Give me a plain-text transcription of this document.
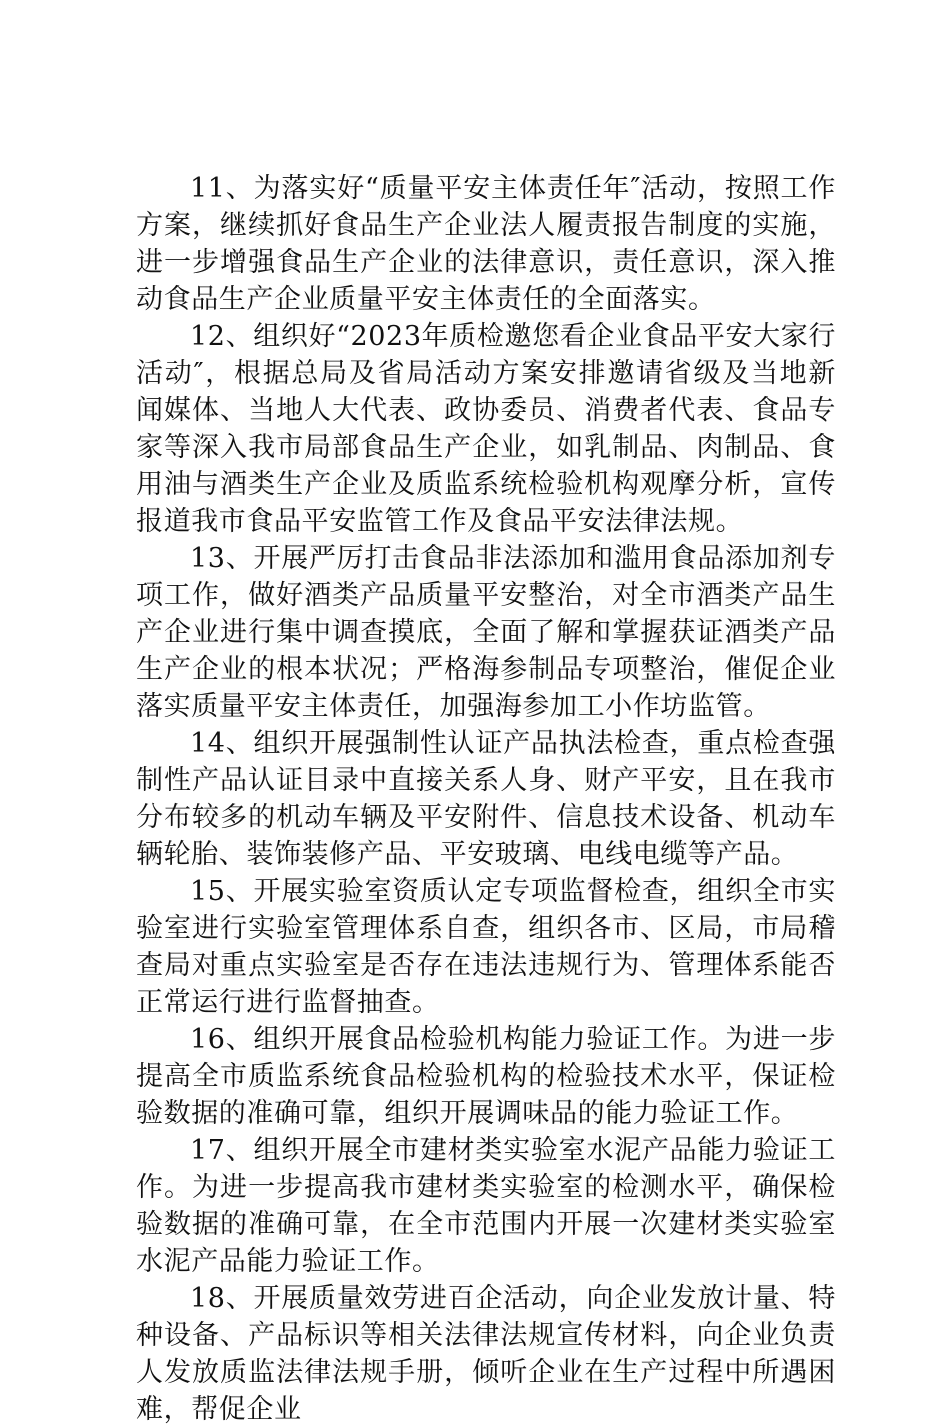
11、为落实好“质量平安主体责任年″活动，按照工作方案，继续抓好食品生产企业法人履责报告制度的实施，进一步增强食品生产企业的法律意识，责任意识，深入推动食品生产企业质量平安主体责任的全面落实。

12、组织好“2023年质检邀您看企业食品平安大家行活动″，根据总局及省局活动方案安排邀请省级及当地新闻媒体、当地人大代表、政协委员、消费者代表、食品专家等深入我市局部食品生产企业，如乳制品、肉制品、食用油与酒类生产企业及质监系统检验机构观摩分析，宣传报道我市食品平安监管工作及食品平安法律法规。

13、开展严厉打击食品非法添加和滥用食品添加剂专项工作，做好酒类产品质量平安整治，对全市酒类产品生产企业进行集中调查摸底，全面了解和掌握获证酒类产品生产企业的根本状况；严格海参制品专项整治，催促企业落实质量平安主体责任，加强海参加工小作坊监管。

14、组织开展强制性认证产品执法检查，重点检查强制性产品认证目录中直接关系人身、财产平安，且在我市分布较多的机动车辆及平安附件、信息技术设备、机动车辆轮胎、装饰装修产品、平安玻璃、电线电缆等产品。

15、开展实验室资质认定专项监督检查，组织全市实验室进行实验室管理体系自查，组织各市、区局，市局稽查局对重点实验室是否存在违法违规行为、管理体系能否正常运行进行监督抽查。

16、组织开展食品检验机构能力验证工作。为进一步提高全市质监系统食品检验机构的检验技术水平，保证检验数据的准确可靠，组织开展调味品的能力验证工作。

17、组织开展全市建材类实验室水泥产品能力验证工作。为进一步提高我市建材类实验室的检测水平，确保检验数据的准确可靠，在全市范围内开展一次建材类实验室水泥产品能力验证工作。

18、开展质量效劳进百企活动，向企业发放计量、特种设备、产品标识等相关法律法规宣传材料，向企业负责人发放质监法律法规手册，倾听企业在生产过程中所遇困难，帮促企业
